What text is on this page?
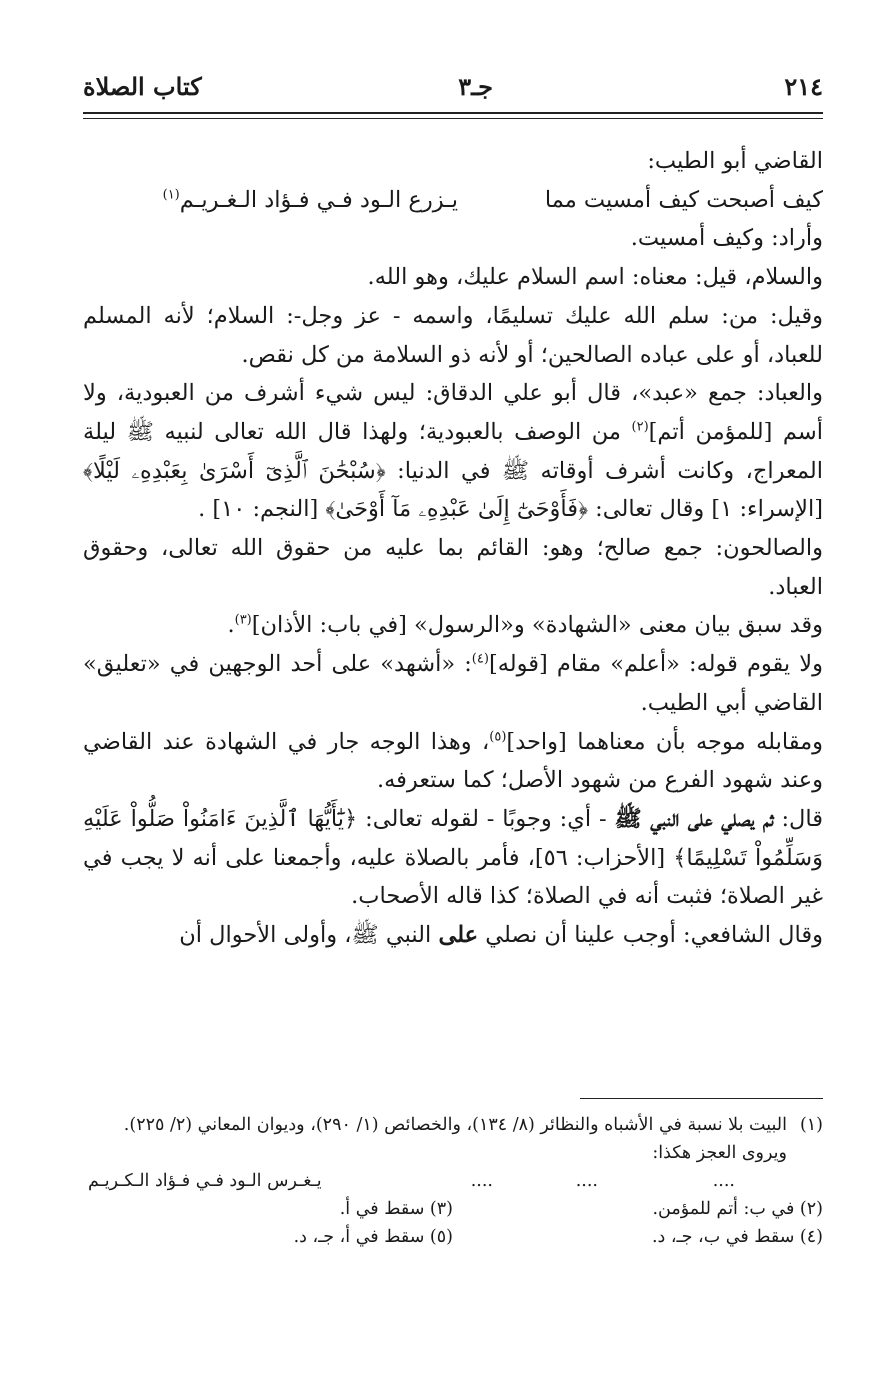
٢١٤
جـ٣
كتاب الصلاة

القاضي أبو الطيب:

كيف أصبحت كيف أمسيت مما
يـزرع الـود فـي فـؤاد الـغـريـم$^{(١)}$

وأراد: وكيف أمسيت.

والسلام، قيل: معناه: اسم السلام عليك، وهو الله.

وقيل: من: سلم الله عليك تسليمًا، واسمه - عز وجل-: السلام؛ لأنه المسلم للعباد، أو على عباده الصالحين؛ أو لأنه ذو السلامة من كل نقص.

والعباد: جمع «عبد»، قال أبو علي الدقاق: ليس شيء أشرف من العبودية، ولا أسم [للمؤمن أتم]$^{(٢)}$ من الوصف بالعبودية؛ ولهذا قال الله تعالى لنبيه ﷺ ليلة المعراج، وكانت أشرف أوقاته ﷺ في الدنيا: ﴿سُبْحَٰنَ ٱلَّذِىٓ أَسْرَىٰ بِعَبْدِهِۦ لَيْلًا﴾ [الإسراء: ١] وقال تعالى: ﴿فَأَوْحَىٰٓ إِلَىٰ عَبْدِهِۦ مَآ أَوْحَىٰ﴾ [النجم: ١٠] .

والصالحون: جمع صالح؛ وهو: القائم بما عليه من حقوق الله تعالى، وحقوق العباد.

وقد سبق بيان معنى «الشهادة» و«الرسول» [في باب: الأذان]$^{(٣)}$.

ولا يقوم قوله: «أعلم» مقام [قوله]$^{(٤)}$: «أشهد» على أحد الوجهين في «تعليق» القاضي أبي الطيب.

ومقابله موجه بأن معناهما [واحد]$^{(٥)}$، وهذا الوجه جار في الشهادة عند القاضي وعند شهود الفرع من شهود الأصل؛ كما ستعرفه.

قال: ثم يصلي على النبي ﷺ - أي: وجوبًا - لقوله تعالى: ﴿يَٰٓأَيُّهَا ٱلَّذِينَ ءَامَنُواْ صَلُّواْ عَلَيْهِ وَسَلِّمُواْ تَسْلِيمًا﴾ [الأحزاب: ٥٦]، فأمر بالصلاة عليه، وأجمعنا على أنه لا يجب في غير الصلاة؛ فثبت أنه في الصلاة؛ كذا قاله الأصحاب.

وقال الشافعي: أوجب علينا أن نصلي على النبي ﷺ، وأولى الأحوال أن

(١)البيت بلا نسبة في الأشباه والنظائر (٨/ ١٣٤)، والخصائص (١/ ٢٩٠)، وديوان المعاني (٢/ ٢٢٥).

ويروى العجز هكذا:

....
....
....
يـغـرس الـود فـي فـؤاد الـكـريـم
(٢) في ب: أتم للمؤمن.
(٣) سقط في أ.
(٤) سقط في ب، جـ، د.
(٥) سقط في أ، جـ، د.
